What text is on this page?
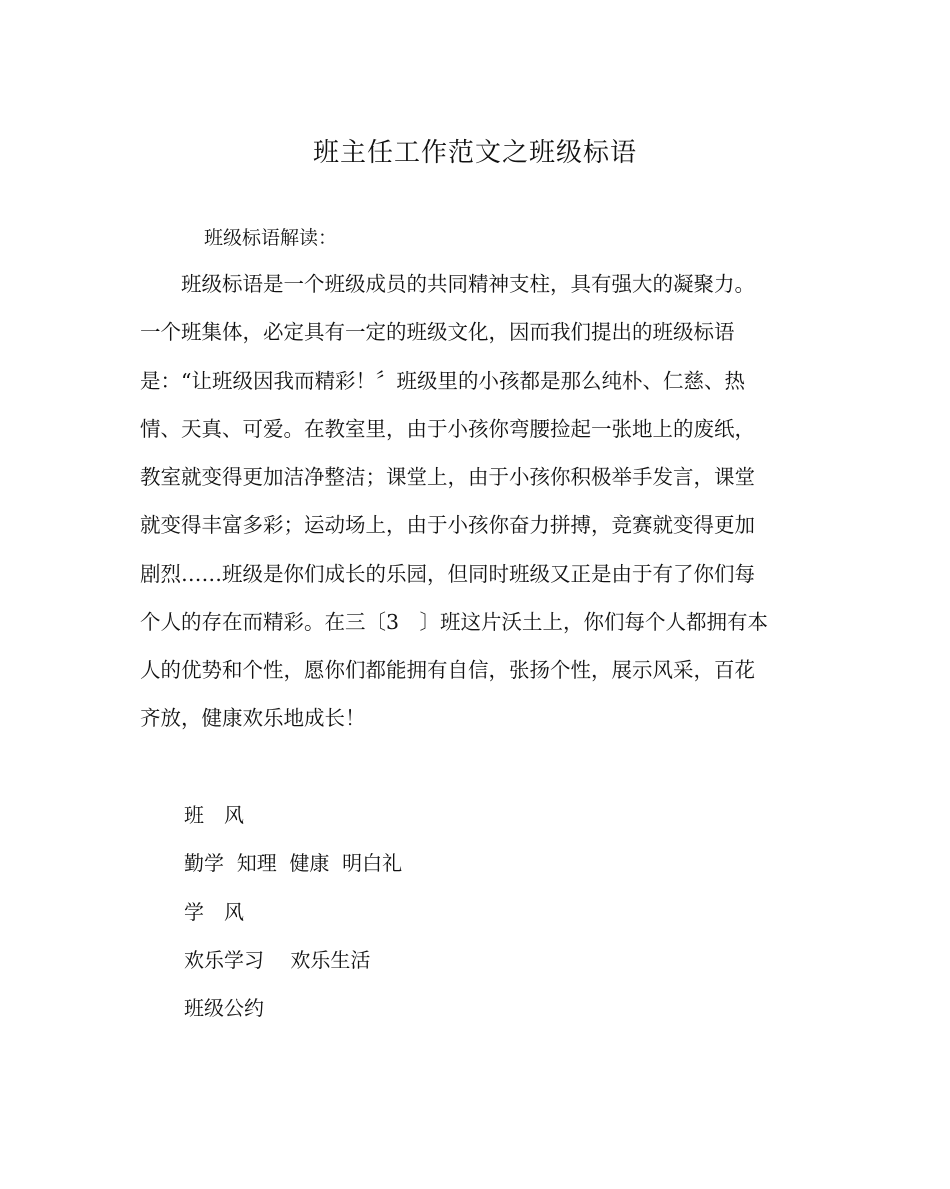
班主任工作范文之班级标语
班级标语解读：
　　班级标语是一个班级成员的共同精神支柱，具有强大的凝聚力。
一个班集体，必定具有一定的班级文化，因而我们提出的班级标语
是：“让班级因我而精彩！〞班级里的小孩都是那么纯朴、仁慈、热
情、天真、可爱。在教室里，由于小孩你弯腰捡起一张地上的废纸，
教室就变得更加洁净整洁；课堂上，由于小孩你积极举手发言，课堂
就变得丰富多彩；运动场上，由于小孩你奋力拼搏，竞赛就变得更加
剧烈……班级是你们成长的乐园，但同时班级又正是由于有了你们每
个人的存在而精彩。在三〔3　〕班这片沃土上，你们每个人都拥有本
人的优势和个性，愿你们都能拥有自信，张扬个性，展示风采，百花
齐放，健康欢乐地成长！
班　风
勤学  知理  健康  明白礼
学　风
欢乐学习　 欢乐生活
班级公约
